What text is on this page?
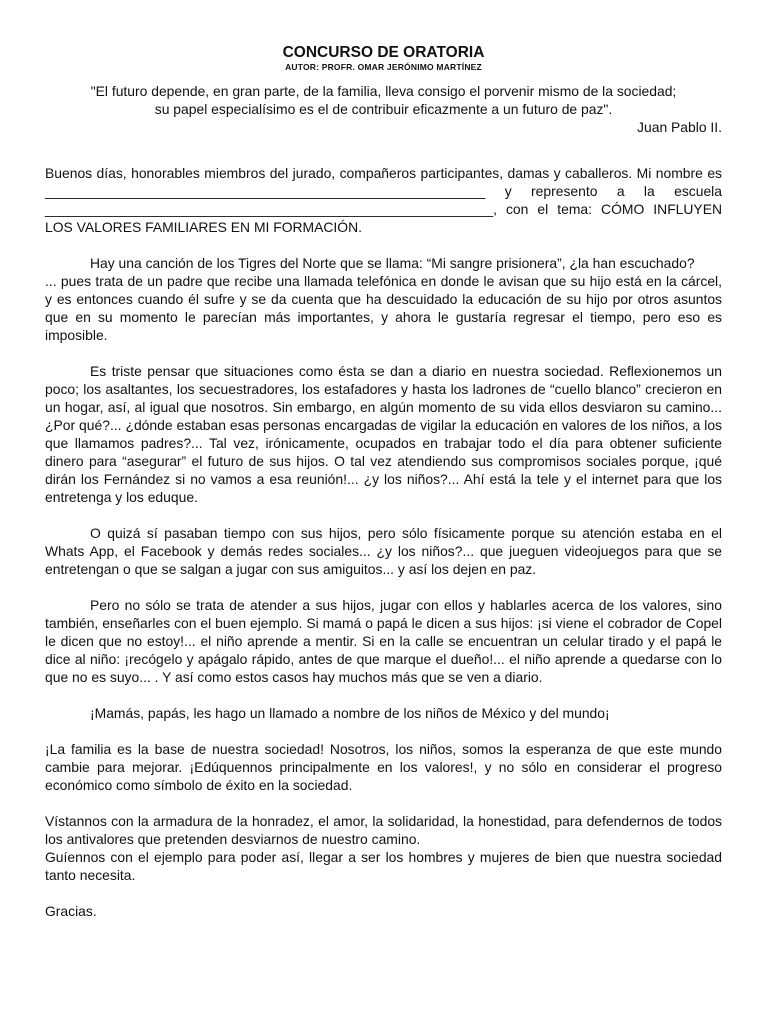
CONCURSO DE ORATORIA

AUTOR: PROFR. OMAR JERÓNIMO MARTÍNEZ

"El futuro depende, en gran parte, de la familia, lleva consigo el porvenir mismo de la sociedad;

su papel especialísimo es el de contribuir eficazmente a un futuro de paz".

Juan Pablo II.

Buenos días, honorables miembros del jurado, compañeros participantes, damas y caballeros. Mi nombre es _________________________________________________________ y represento a la escuela __________________________________________________________, con el tema: CÓMO INFLUYEN LOS VALORES FAMILIARES EN MI FORMACIÓN.

Hay una canción de los Tigres del Norte que se llama: “Mi sangre prisionera”, ¿la han escuchado?

... pues trata de un padre que recibe una llamada telefónica en donde le avisan que su hijo está en la cárcel, y es entonces cuando él sufre y se da cuenta que ha descuidado la educación de su hijo por otros asuntos que en su momento le parecían más importantes, y ahora le gustaría regresar el tiempo, pero eso es imposible.

Es triste pensar que situaciones como ésta se dan a diario en nuestra sociedad. Reflexionemos un poco; los asaltantes, los secuestradores, los estafadores y hasta los ladrones de “cuello blanco” crecieron en un hogar, así, al igual que nosotros. Sin embargo, en algún momento de su vida ellos desviaron su camino... ¿Por qué?... ¿dónde estaban esas personas encargadas de vigilar la educación en valores de los niños, a los que llamamos padres?... Tal vez, irónicamente, ocupados en trabajar todo el día para obtener suficiente dinero para “asegurar” el futuro de sus hijos. O tal vez atendiendo sus compromisos sociales porque, ¡qué dirán los Fernández si no vamos a esa reunión!... ¿y los niños?... Ahí está la tele y el internet para que los entretenga y los eduque.

O quizá sí pasaban tiempo con sus hijos, pero sólo físicamente porque su atención estaba en el Whats App, el Facebook y demás redes sociales... ¿y los niños?... que jueguen videojuegos para que se entretengan o que se salgan a jugar con sus amiguitos... y así los dejen en paz.

Pero no sólo se trata de atender a sus hijos, jugar con ellos y hablarles acerca de los valores, sino también, enseñarles con el buen ejemplo. Si mamá o papá le dicen a sus hijos: ¡si viene el cobrador de Copel le dicen que no estoy!... el niño aprende a mentir. Si en la calle se encuentran un celular tirado y el papá le dice al niño: ¡recógelo y apágalo rápido, antes de que marque el dueño!... el niño aprende a quedarse con lo que no es suyo... . Y así como estos casos hay muchos más que se ven a diario.

¡Mamás, papás, les hago un llamado a nombre de los niños de México y del mundo¡

¡La familia es la base de nuestra sociedad! Nosotros, los niños, somos la esperanza de que este mundo cambie para mejorar. ¡Edúquennos principalmente en los valores!, y no sólo en considerar el progreso económico como símbolo de éxito en la sociedad.

Vístannos con la armadura de la honradez, el amor, la solidaridad, la honestidad, para defendernos de todos los antivalores que pretenden desviarnos de nuestro camino.

Guíennos con el ejemplo para poder así, llegar a ser los hombres y mujeres de bien que nuestra sociedad tanto necesita.

Gracias.
